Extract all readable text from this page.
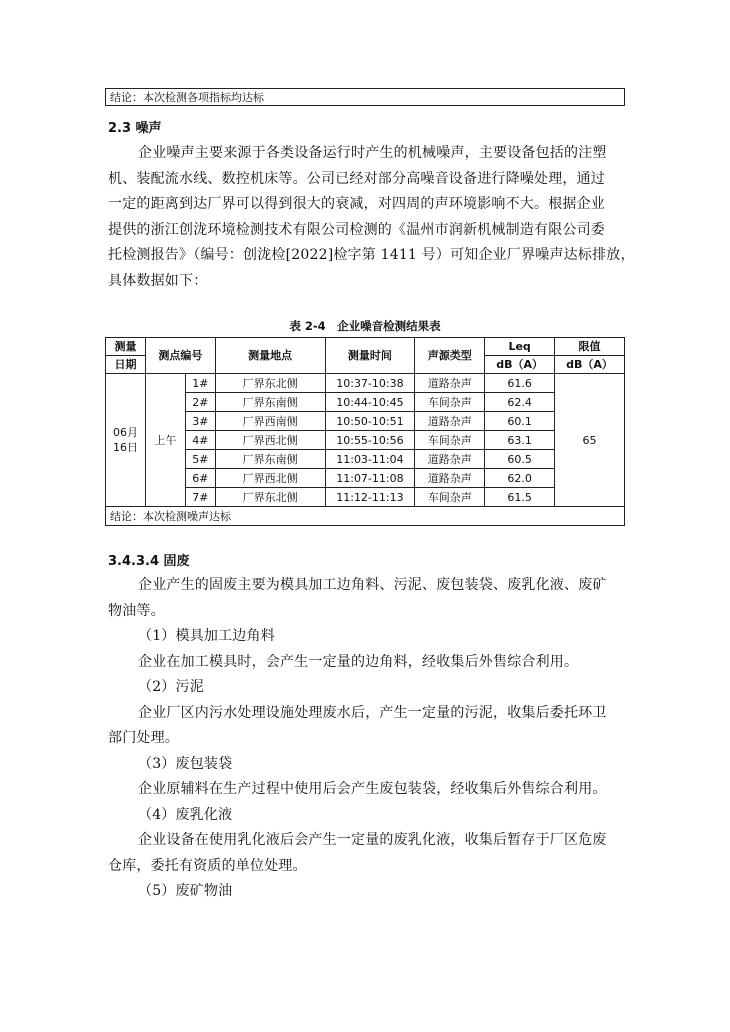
结论：本次检测各项指标均达标
2.3 噪声
企业噪声主要来源于各类设备运行时产生的机械噪声，主要设备包括的注塑
机、装配流水线、数控机床等。公司已经对部分高噪音设备进行降噪处理，通过
一定的距离到达厂界可以得到很大的衰减，对四周的声环境影响不大。根据企业
提供的浙江创泷环境检测技术有限公司检测的《温州市润新机械制造有限公司委
托检测报告》（编号：创泷检[2022]检字第 1411 号）可知企业厂界噪声达标排放，
具体数据如下：
表 2-4　企业噪音检测结果表
测量	测点编号		测量地点	测量时间	声源类型	Leq	限值
日期						dB（A）	dB（A）
06月
16日	上午	1#	厂界东北侧	10:37-10:38	道路杂声	61.6	65
		2#	厂界东南侧	10:44-10:45	车间杂声	62.4	
		3#	厂界西南侧	10:50-10:51	道路杂声	60.1	
		4#	厂界西北侧	10:55-10:56	车间杂声	63.1	
		5#	厂界东南侧	11:03-11:04	道路杂声	60.5	
		6#	厂界西北侧	11:07-11:08	道路杂声	62.0	
		7#	厂界东北侧	11:12-11:13	车间杂声	61.5	
结论：本次检测噪声达标							
3.4.3.4 固废
企业产生的固废主要为模具加工边角料、污泥、废包装袋、废乳化液、废矿
物油等。
（1）模具加工边角料
企业在加工模具时，会产生一定量的边角料，经收集后外售综合利用。
（2）污泥
企业厂区内污水处理设施处理废水后，产生一定量的污泥，收集后委托环卫
部门处理。
（3）废包装袋
企业原辅料在生产过程中使用后会产生废包装袋，经收集后外售综合利用。
（4）废乳化液
企业设备在使用乳化液后会产生一定量的废乳化液，收集后暂存于厂区危废
仓库，委托有资质的单位处理。
（5）废矿物油
